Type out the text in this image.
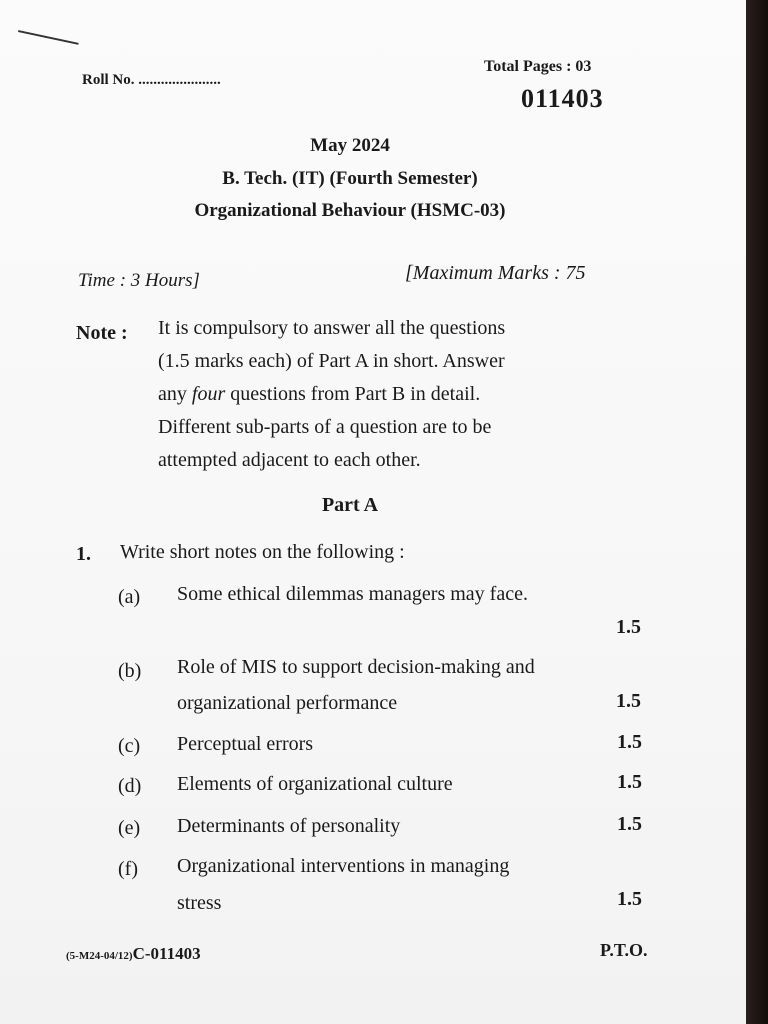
Roll No. ......................
Total Pages : 03
011403
May 2024
B. Tech. (IT) (Fourth Semester)
Organizational Behaviour (HSMC-03)
Time : 3 Hours]	[Maximum Marks : 75
Note : It is compulsory to answer all the questions
(1.5 marks each) of Part A in short. Answer
any four questions from Part B in detail.
Different sub-parts of a question are to be
attempted adjacent to each other.
Part A
1. Write short notes on the following :
(a) Some ethical dilemmas managers may face.
1.5
(b) Role of MIS to support decision-making and
organizational performance	1.5
(c) Perceptual errors	1.5
(d) Elements of organizational culture	1.5
(e) Determinants of personality	1.5
(f) Organizational interventions in managing
stress	1.5
(5-M24-04/12)C-011403	P.T.O.
